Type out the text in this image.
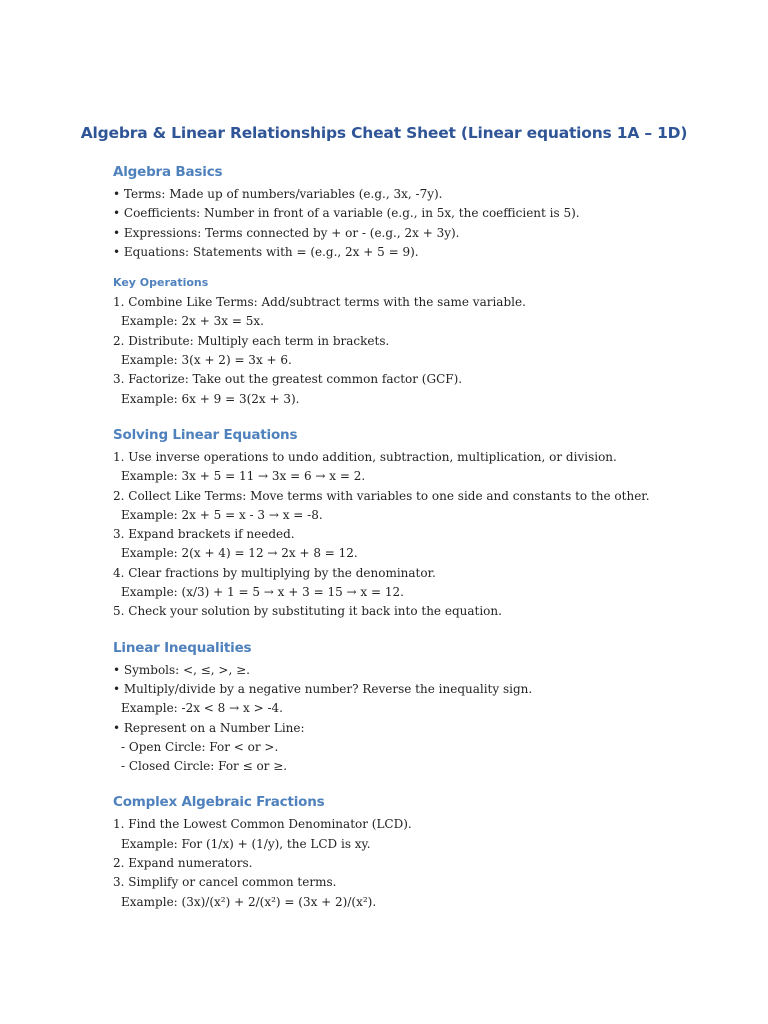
Algebra & Linear Relationships Cheat Sheet (Linear equations 1A – 1D)
Algebra Basics
• Terms: Made up of numbers/variables (e.g., 3x, -7y).
• Coefficients: Number in front of a variable (e.g., in 5x, the coefficient is 5).
• Expressions: Terms connected by + or - (e.g., 2x + 3y).
• Equations: Statements with = (e.g., 2x + 5 = 9).
Key Operations
1. Combine Like Terms: Add/subtract terms with the same variable.
Example: 2x + 3x = 5x.
2. Distribute: Multiply each term in brackets.
Example: 3(x + 2) = 3x + 6.
3. Factorize: Take out the greatest common factor (GCF).
Example: 6x + 9 = 3(2x + 3).
Solving Linear Equations
1. Use inverse operations to undo addition, subtraction, multiplication, or division.
Example: 3x + 5 = 11 → 3x = 6 → x = 2.
2. Collect Like Terms: Move terms with variables to one side and constants to the other.
Example: 2x + 5 = x - 3 → x = -8.
3. Expand brackets if needed.
Example: 2(x + 4) = 12 → 2x + 8 = 12.
4. Clear fractions by multiplying by the denominator.
Example: (x/3) + 1 = 5 → x + 3 = 15 → x = 12.
5. Check your solution by substituting it back into the equation.
Linear Inequalities
• Symbols: <, ≤, >, ≥.
• Multiply/divide by a negative number? Reverse the inequality sign.
Example: -2x < 8 → x > -4.
• Represent on a Number Line:
- Open Circle: For < or >.
- Closed Circle: For ≤ or ≥.
Complex Algebraic Fractions
1. Find the Lowest Common Denominator (LCD).
Example: For (1/x) + (1/y), the LCD is xy.
2. Expand numerators.
3. Simplify or cancel common terms.
Example: (3x)/(x²) + 2/(x²) = (3x + 2)/(x²).
